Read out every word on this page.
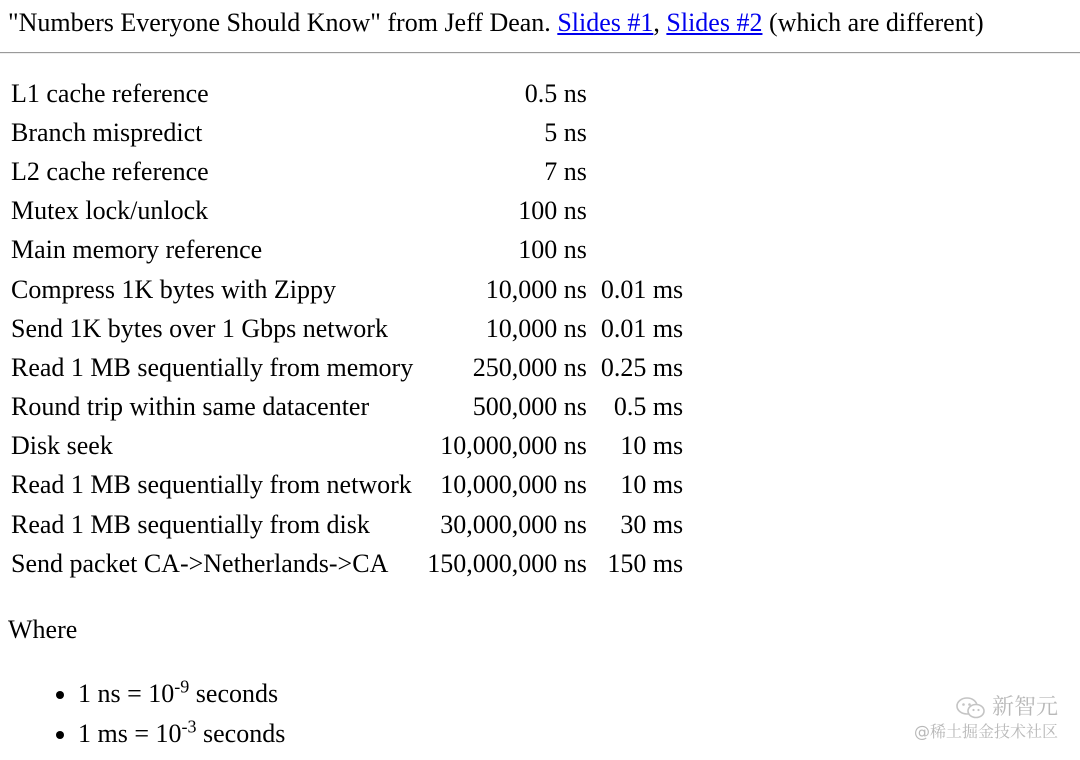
"Numbers Everyone Should Know" from Jeff Dean. Slides #1, Slides #2 (which are different)
L1 cache reference	0.5 ns	
Branch mispredict	5 ns	
L2 cache reference	7 ns	
Mutex lock/unlock	100 ns	
Main memory reference	100 ns	
Compress 1K bytes with Zippy	10,000 ns	0.01 ms
Send 1K bytes over 1 Gbps network	10,000 ns	0.01 ms
Read 1 MB sequentially from memory	250,000 ns	0.25 ms
Round trip within same datacenter	500,000 ns	0.5 ms
Disk seek	10,000,000 ns	10 ms
Read 1 MB sequentially from network	10,000,000 ns	10 ms
Read 1 MB sequentially from disk	30,000,000 ns	30 ms
Send packet CA->Netherlands->CA	150,000,000 ns	150 ms
Where
• 1 ns = $10^{-9}$ seconds
• 1 ms = $10^{-3}$ seconds
新智元
@稀土掘金技术社区
